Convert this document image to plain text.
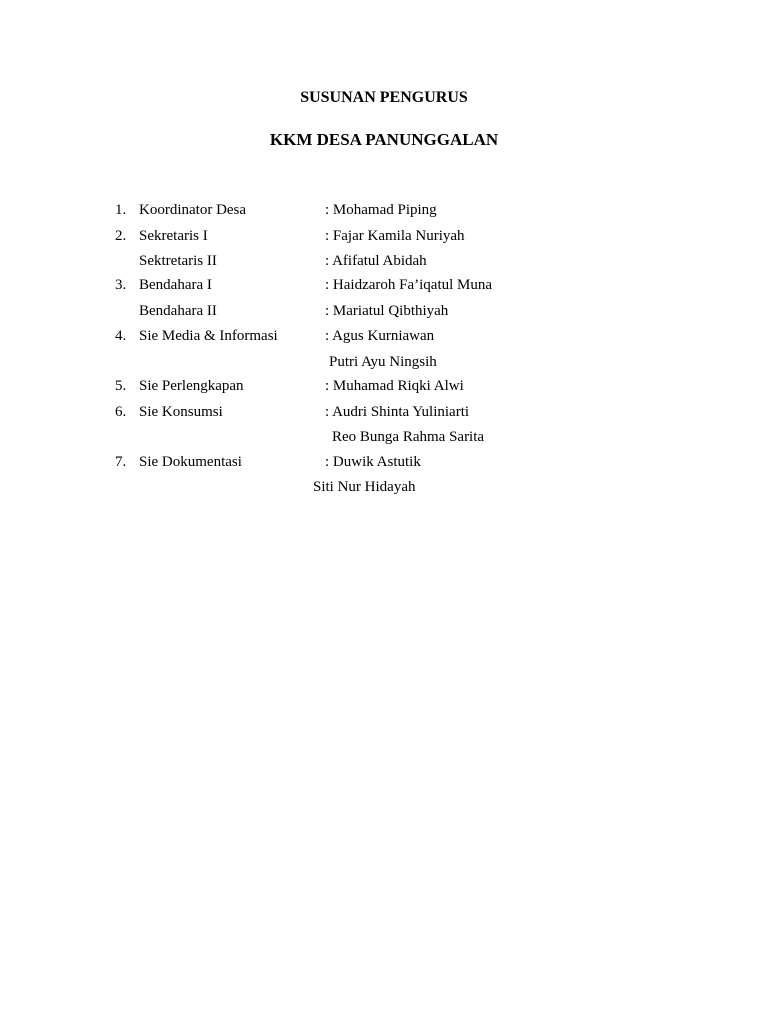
SUSUNAN PENGURUS
KKM DESA PANUNGGALAN
1. Koordinator Desa	: Mohamad Piping
2. Sekretaris I	: Fajar Kamila Nuriyah
Sektretaris II	: Afifatul Abidah
3. Bendahara I	: Haidzaroh Fa’iqatul Muna
Bendahara II	: Mariatul Qibthiyah
4. Sie Media & Informasi	: Agus Kurniawan
Putri Ayu Ningsih
5. Sie Perlengkapan	: Muhamad Riqki Alwi
6. Sie Konsumsi	: Audri Shinta Yuliniarti
Reo Bunga Rahma Sarita
7. Sie Dokumentasi	: Duwik Astutik
Siti Nur Hidayah
